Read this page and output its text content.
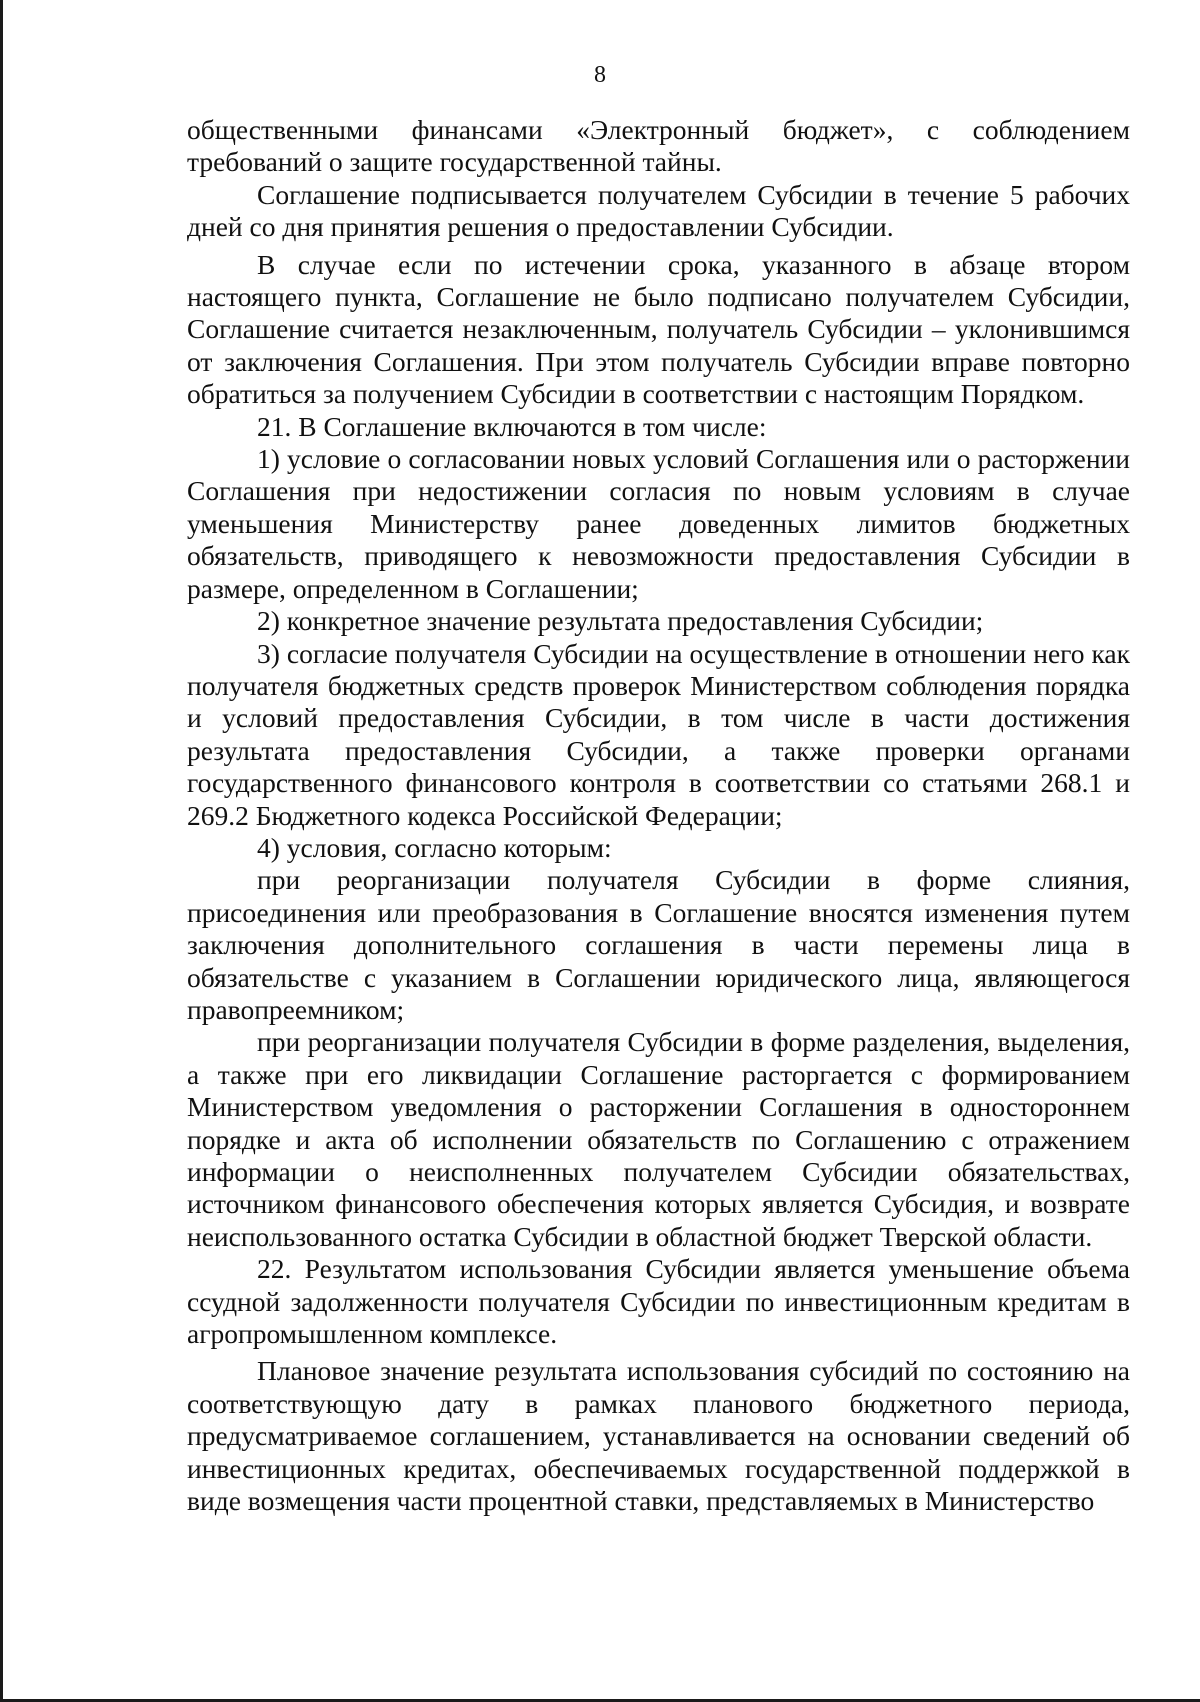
8

общественными финансами «Электронный бюджет», с соблюдением требований о защите государственной тайны.

Соглашение подписывается получателем Субсидии в течение 5 рабочих дней со дня принятия решения о предоставлении Субсидии.

В случае если по истечении срока, указанного в абзаце втором настоящего пункта, Соглашение не было подписано получателем Субсидии, Соглашение считается незаключенным, получатель Субсидии – уклонившимся от заключения Соглашения. При этом получатель Субсидии вправе повторно обратиться за получением Субсидии в соответствии с настоящим Порядком.

21. В Соглашение включаются в том числе:

1) условие о согласовании новых условий Соглашения или о расторжении Соглашения при недостижении согласия по новым условиям в случае уменьшения Министерству ранее доведенных лимитов бюджетных обязательств, приводящего к невозможности предоставления Субсидии в размере, определенном в Соглашении;

2) конкретное значение результата предоставления Субсидии;

3) согласие получателя Субсидии на осуществление в отношении него как получателя бюджетных средств проверок Министерством соблюдения порядка и условий предоставления Субсидии, в том числе в части достижения результата предоставления Субсидии, а также проверки органами государственного финансового контроля в соответствии со статьями 268.1 и 269.2 Бюджетного кодекса Российской Федерации;

4) условия, согласно которым:

при реорганизации получателя Субсидии в форме слияния, присоединения или преобразования в Соглашение вносятся изменения путем заключения дополнительного соглашения в части перемены лица в обязательстве с указанием в Соглашении юридического лица, являющегося правопреемником;

при реорганизации получателя Субсидии в форме разделения, выделения, а также при его ликвидации Соглашение расторгается с формированием Министерством уведомления о расторжении Соглашения в одностороннем порядке и акта об исполнении обязательств по Соглашению с отражением информации о неисполненных получателем Субсидии обязательствах, источником финансового обеспечения которых является Субсидия, и возврате неиспользованного остатка Субсидии в областной бюджет Тверской области.

22. Результатом использования Субсидии является уменьшение объема ссудной задолженности получателя Субсидии по инвестиционным кредитам в агропромышленном комплексе.

Плановое значение результата использования субсидий по состоянию на соответствующую дату в рамках планового бюджетного периода, предусматриваемое соглашением, устанавливается на основании сведений об инвестиционных кредитах, обеспечиваемых государственной поддержкой в виде возмещения части процентной ставки, представляемых в Министерство
